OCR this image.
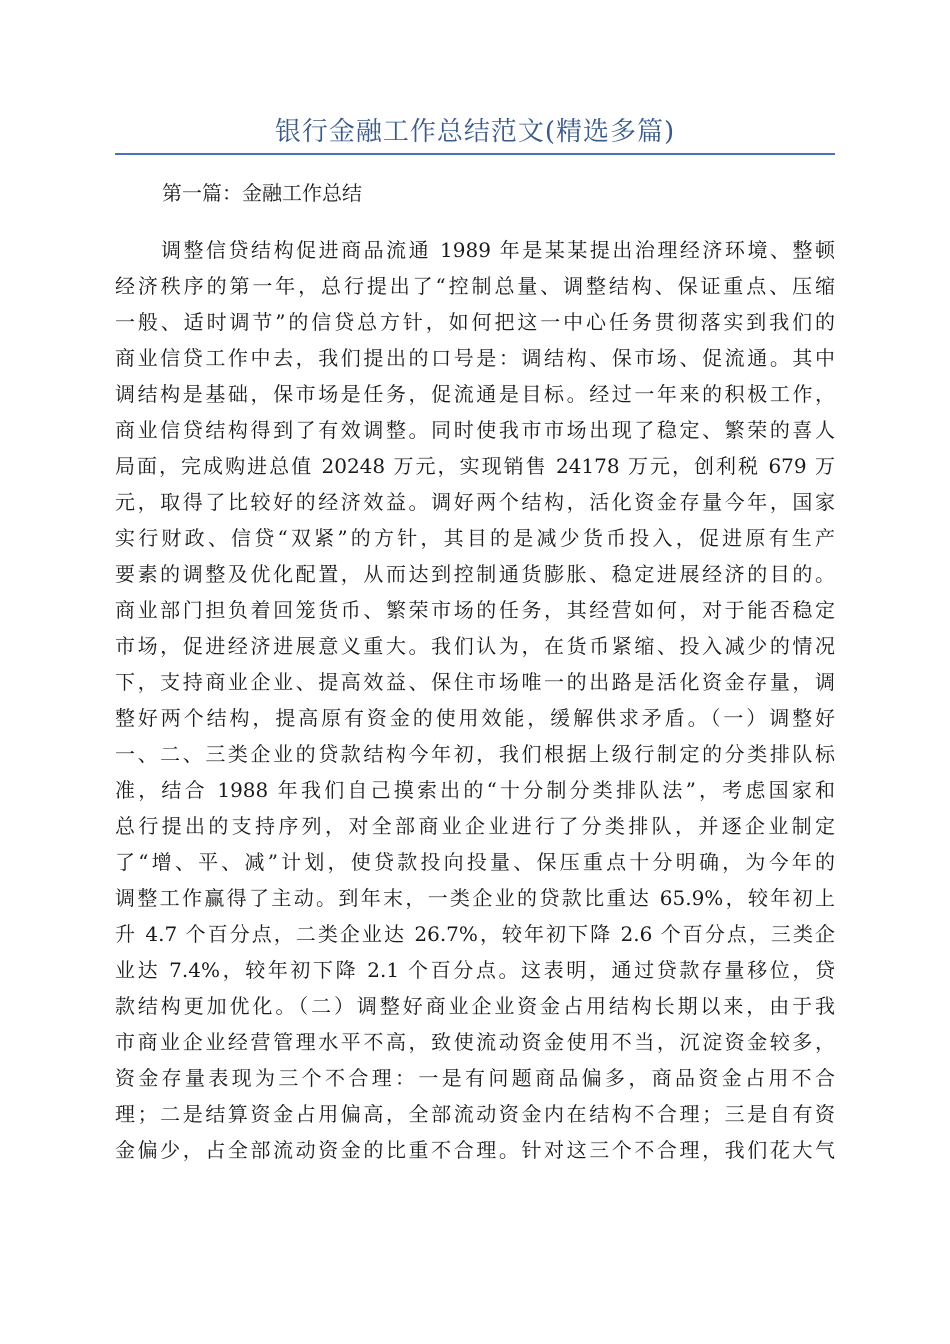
银行金融工作总结范文(精选多篇)
第一篇：金融工作总结
调整信贷结构促进商品流通 1989 年是某某提出治理经济环境、整顿
经济秩序的第一年，总行提出了“控制总量、调整结构、保证重点、压缩
一般、适时调节”的信贷总方针，如何把这一中心任务贯彻落实到我们的
商业信贷工作中去，我们提出的口号是：调结构、保市场、促流通。其中
调结构是基础，保市场是任务，促流通是目标。经过一年来的积极工作，
商业信贷结构得到了有效调整。同时使我市市场出现了稳定、繁荣的喜人
局面，完成购进总值 20248 万元，实现销售 24178 万元，创利税 679 万
元，取得了比较好的经济效益。调好两个结构，活化资金存量今年，国家
实行财政、信贷“双紧”的方针，其目的是减少货币投入，促进原有生产
要素的调整及优化配置，从而达到控制通货膨胀、稳定进展经济的目的。
商业部门担负着回笼货币、繁荣市场的任务，其经营如何，对于能否稳定
市场，促进经济进展意义重大。我们认为，在货币紧缩、投入减少的情况
下，支持商业企业、提高效益、保住市场唯一的出路是活化资金存量，调
整好两个结构，提高原有资金的使用效能，缓解供求矛盾。（一）调整好
一、二、三类企业的贷款结构今年初，我们根据上级行制定的分类排队标
准，结合 1988 年我们自己摸索出的“十分制分类排队法”，考虑国家和
总行提出的支持序列，对全部商业企业进行了分类排队，并逐企业制定
了“增、平、减”计划，使贷款投向投量、保压重点十分明确，为今年的
调整工作赢得了主动。到年末，一类企业的贷款比重达 65.9%，较年初上
升 4.7 个百分点，二类企业达 26.7%，较年初下降 2.6 个百分点，三类企
业达 7.4%，较年初下降 2.1 个百分点。这表明，通过贷款存量移位，贷
款结构更加优化。（二）调整好商业企业资金占用结构长期以来，由于我
市商业企业经营管理水平不高，致使流动资金使用不当，沉淀资金较多，
资金存量表现为三个不合理：一是有问题商品偏多，商品资金占用不合
理；二是结算资金占用偏高，全部流动资金内在结构不合理；三是自有资
金偏少，占全部流动资金的比重不合理。针对这三个不合理，我们花大气
